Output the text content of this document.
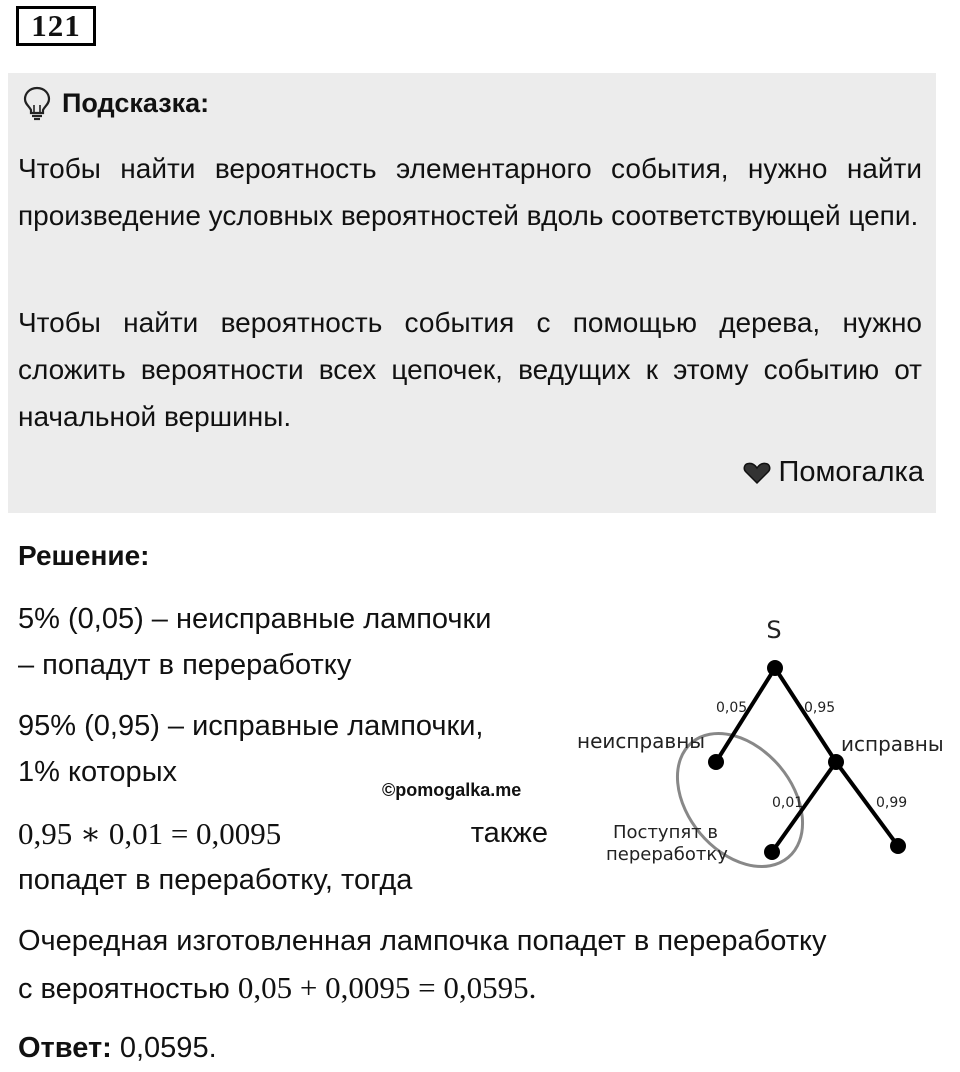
121
Подсказка:

Чтобы найти вероятность элементарного события, нужно найти произведение условных вероятностей вдоль соответствующей цепи.

Чтобы найти вероятность события с помощью дерева, нужно сложить вероятности всех цепочек, ведущих к этому событию от начальной вершины.

Помогалка
Решение:

5% (0,05) – неисправные лампочки

– попадут в переработку

95% (0,95) – исправные лампочки,

1% которых

0,95 ∗ 0,01 = 0,0095	также

попадет в переработку, тогда

Очередная изготовленная лампочка попадет в переработку

с вероятностью 0,05 + 0,0095 = 0,0595.

Ответ: 0,0595.

©pomogalka.me
S
0,05	0,95
неисправны	исправны
0,01	0,99
Поступят в
переработку
